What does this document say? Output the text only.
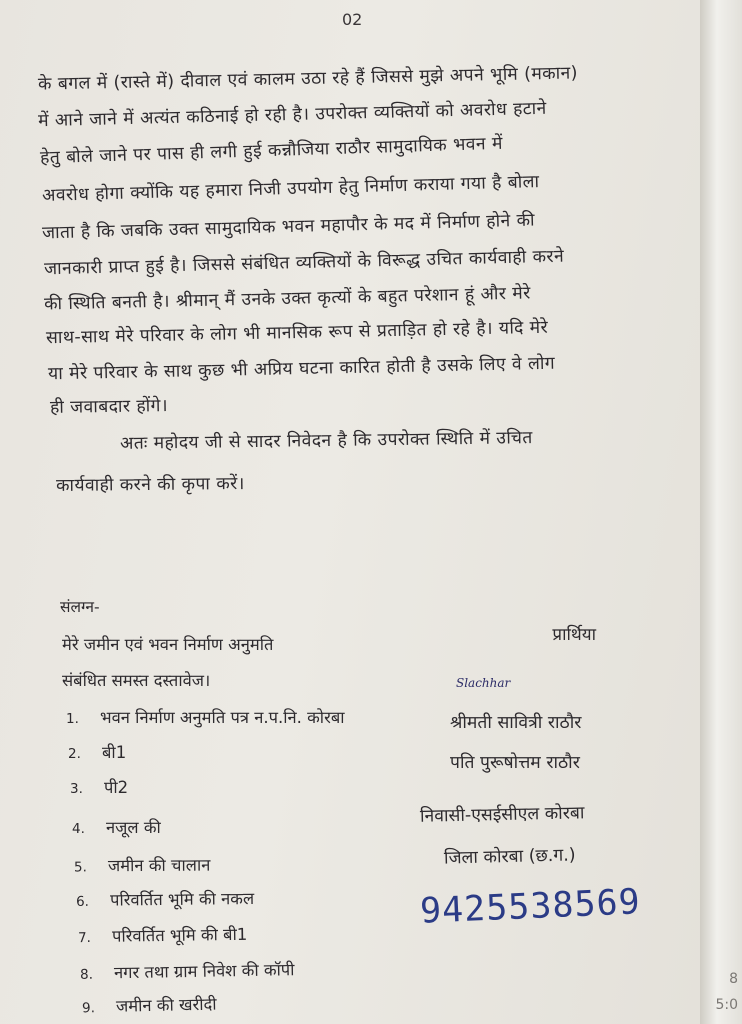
02
के बगल में (रास्ते में) दीवाल एवं कालम उठा रहे हैं जिससे मुझे अपने भूमि (मकान)
में आने जाने में अत्यंत कठिनाई हो रही है। उपरोक्त व्यक्तियों को अवरोध हटाने
हेतु बोले जाने पर पास ही लगी हुई कन्नौजिया राठौर सामुदायिक भवन में
अवरोध होगा क्योंकि यह हमारा निजी उपयोग हेतु निर्माण कराया गया है बोला
जाता है कि जबकि उक्त सामुदायिक भवन महापौर के मद में निर्माण होने की
जानकारी प्राप्त हुई है। जिससे संबंधित व्यक्तियों के विरूद्ध उचित कार्यवाही करने
की स्थिति बनती है। श्रीमान् मैं उनके उक्त कृत्यों के बहुत परेशान हूं और मेरे
साथ-साथ मेरे परिवार के लोग भी मानसिक रूप से प्रताड़ित हो रहे है। यदि मेरे
या मेरे परिवार के साथ कुछ भी अप्रिय घटना कारित होती है उसके लिए वे लोग
ही जवाबदार होंगे।
अतः महोदय जी से सादर निवेदन है कि उपरोक्त स्थिति में उचित
कार्यवाही करने की कृपा करें।
संलग्न-
मेरे जमीन एवं भवन निर्माण अनुमति
संबंधित समस्त दस्तावेज।
1. भवन निर्माण अनुमति पत्र न.प.नि. कोरबा
2. बी1
3. पी2
4. नजूल की
5. जमीन की चालान
6. परिवर्तित भूमि की नकल
7. परिवर्तित भूमि की बी1
8. नगर तथा ग्राम निवेश की कॉपी
9. जमीन की खरीदी
प्रार्थिया
Slachhar
श्रीमती सावित्री राठौर
पति पुरूषोत्तम राठौर
निवासी-एसईसीएल कोरबा
जिला कोरबा (छ.ग.)
9425538569
8
5:0
